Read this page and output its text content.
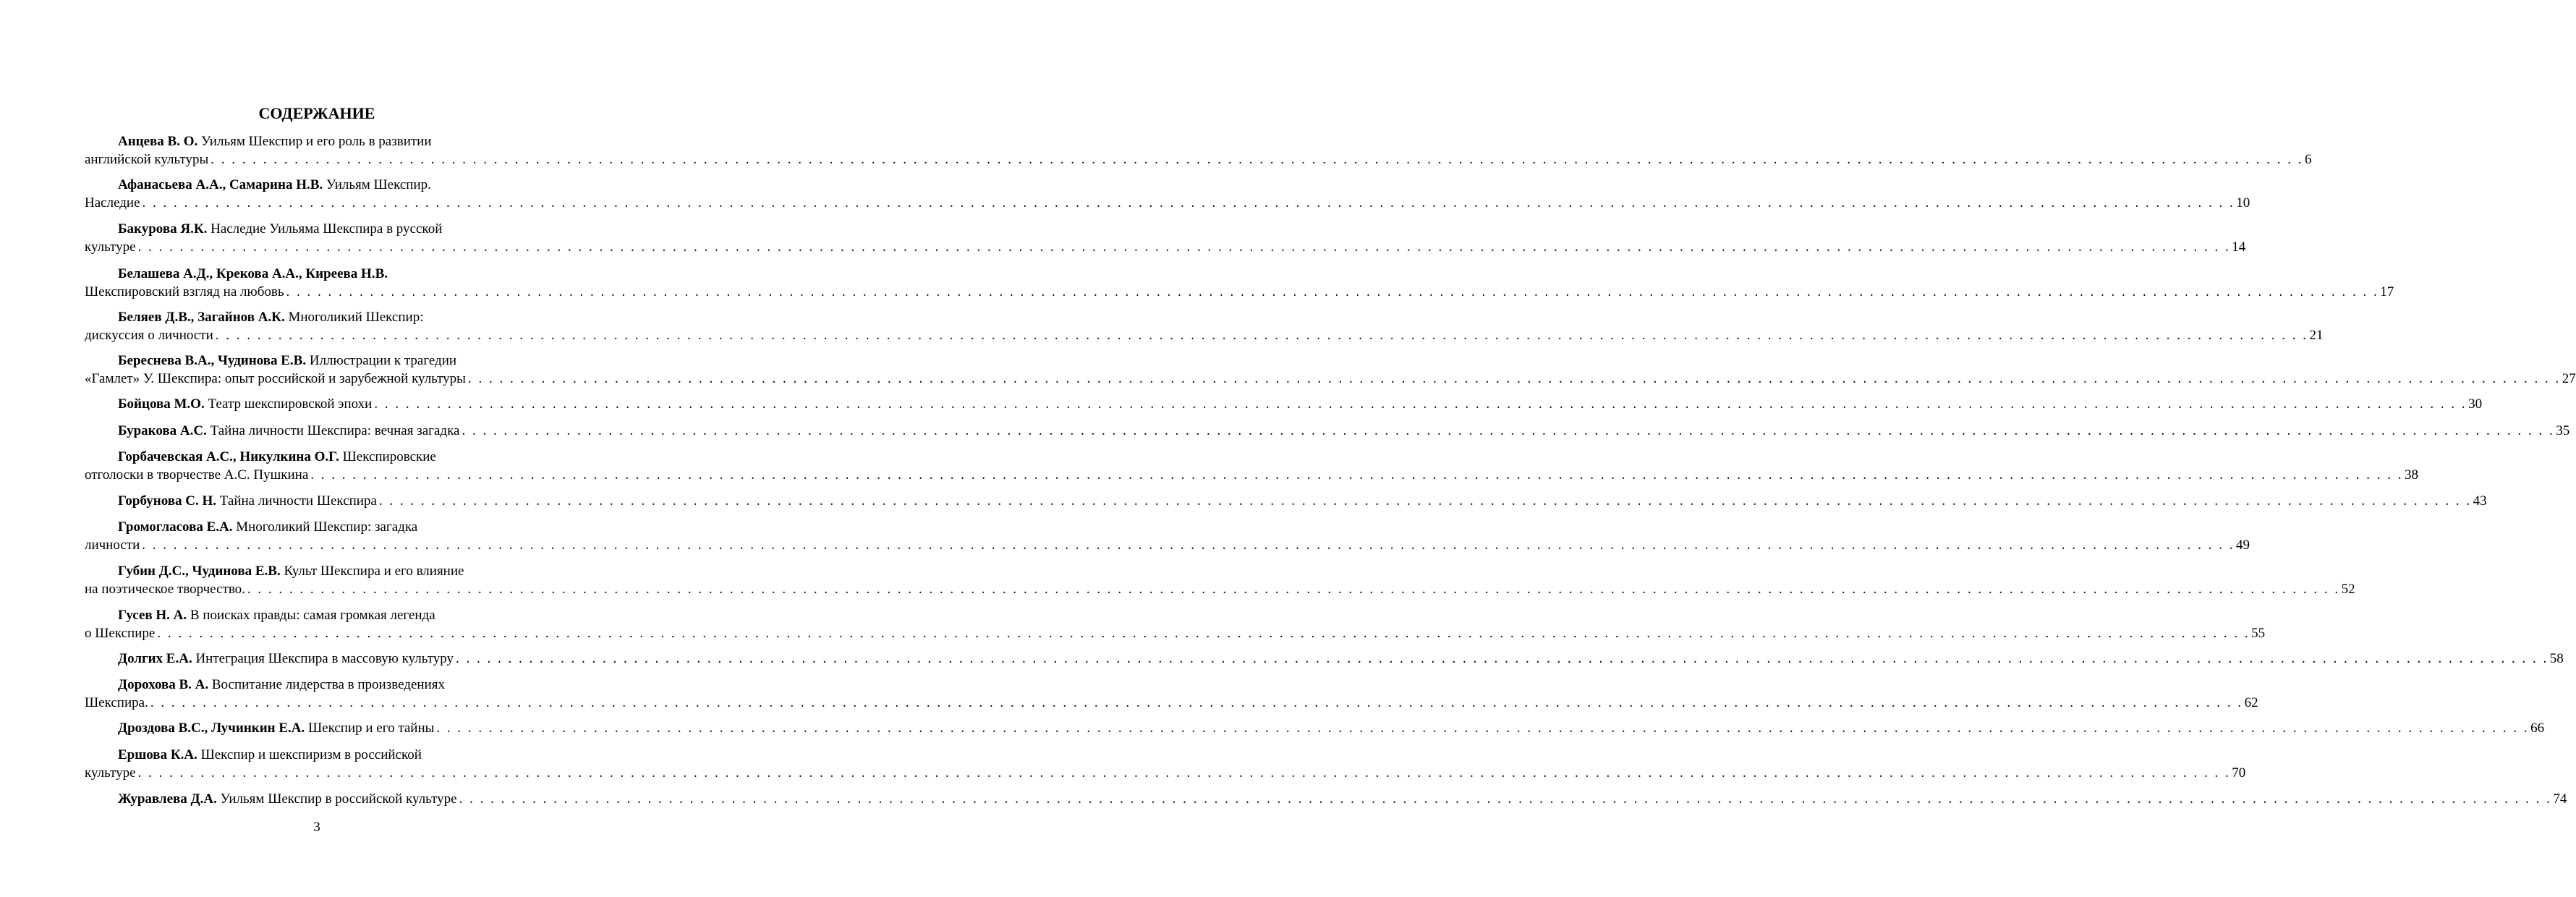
СОДЕРЖАНИЕ
Анцева В. О. Уильям Шекспир и его роль в развитии
английской культуры . . . . . . . . . . . . . . . . . . . . . . . . . . . . . . . . . . . . . . . . . . . . . . . . . . . . . . . . . . . . . . . . . . . . . . . . . . . . . . . . . . . . . . . . . . . . . . . . . . . . . . . . . . . . . . . . . . . . . . . . . . . . . . . . . . . . . . . . . . . . . . . . . . . . . . . . . . . . . . . . . . . . . . . . . . . . . . . . . . . . . . . . . . . . . . . . . . . . . . . . 6
Афанасьева А.А., Самарина Н.В. Уильям Шекспир.
Наследие . . . . . . . . . . . . . . . . . . . . . . . . . . . . . . . . . . . . . . . . . . . . . . . . . . . . . . . . . . . . . . . . . . . . . . . . . . . . . . . . . . . . . . . . . . . . . . . . . . . . . . . . . . . . . . . . . . . . . . . . . . . . . . . . . . . . . . . . . . . . . . . . . . . . . . . . . . . . . . . . . . . . . . . . . . . . . . . . . . . . . . . . . . . . . . . . . . . . . . . . 10
Бакурова Я.К. Наследие Уильяма Шекспира в русской
культуре . . . . . . . . . . . . . . . . . . . . . . . . . . . . . . . . . . . . . . . . . . . . . . . . . . . . . . . . . . . . . . . . . . . . . . . . . . . . . . . . . . . . . . . . . . . . . . . . . . . . . . . . . . . . . . . . . . . . . . . . . . . . . . . . . . . . . . . . . . . . . . . . . . . . . . . . . . . . . . . . . . . . . . . . . . . . . . . . . . . . . . . . . . . . . . . . . . . . . . . . 14
Белашева А.Д., Крекова А.А., Киреева Н.В.
Шекспировский взгляд на любовь . . . . . . . . . . . . . . . . . . . . . . . . . . . . . . . . . . . . . . . . . . . . . . . . . . . . . . . . . . . . . . . . . . . . . . . . . . . . . . . . . . . . . . . . . . . . . . . . . . . . . . . . . . . . . . . . . . . . . . . . . . . . . . . . . . . . . . . . . . . . . . . . . . . . . . . . . . . . . . . . . . . . . . . . . . . . . . . . . . . . . . . . . . . . . . . . . . . . . . . . 17
Беляев Д.В., Загайнов А.К. Многоликий Шекспир:
дискуссия о личности . . . . . . . . . . . . . . . . . . . . . . . . . . . . . . . . . . . . . . . . . . . . . . . . . . . . . . . . . . . . . . . . . . . . . . . . . . . . . . . . . . . . . . . . . . . . . . . . . . . . . . . . . . . . . . . . . . . . . . . . . . . . . . . . . . . . . . . . . . . . . . . . . . . . . . . . . . . . . . . . . . . . . . . . . . . . . . . . . . . . . . . . . . . . . . . . . . . . . . . . 21
Береснева В.А., Чудинова Е.В. Иллюстрации к трагедии
«Гамлет» У. Шекспира: опыт российской и зарубежной культуры . . . . . . . . . . . . . . . . . . . . . . . . . . . . . . . . . . . . . . . . . . . . . . . . . . . . . . . . . . . . . . . . . . . . . . . . . . . . . . . . . . . . . . . . . . . . . . . . . . . . . . . . . . . . . . . . . . . . . . . . . . . . . . . . . . . . . . . . . . . . . . . . . . . . . . . . . . . . . . . . . . . . . . . . . . . . . . . . . . . . . . . . . . . . . . . . . . . . . . . . 27
Бойцова М.О. Театр шекспировской эпохи . . . . . . . . . . . . . . . . . . . . . . . . . . . . . . . . . . . . . . . . . . . . . . . . . . . . . . . . . . . . . . . . . . . . . . . . . . . . . . . . . . . . . . . . . . . . . . . . . . . . . . . . . . . . . . . . . . . . . . . . . . . . . . . . . . . . . . . . . . . . . . . . . . . . . . . . . . . . . . . . . . . . . . . . . . . . . . . . . . . . . . . . . . . . . . . . . . . . . . . . 30
Буракова А.С. Тайна личности Шекспира: вечная загадка . . . . . . . . . . . . . . . . . . . . . . . . . . . . . . . . . . . . . . . . . . . . . . . . . . . . . . . . . . . . . . . . . . . . . . . . . . . . . . . . . . . . . . . . . . . . . . . . . . . . . . . . . . . . . . . . . . . . . . . . . . . . . . . . . . . . . . . . . . . . . . . . . . . . . . . . . . . . . . . . . . . . . . . . . . . . . . . . . . . . . . . . . . . . . . . . . . . . . . . . 35
Горбачевская А.С., Никулкина О.Г. Шекспировские
отголоски в творчестве А.С. Пушкина . . . . . . . . . . . . . . . . . . . . . . . . . . . . . . . . . . . . . . . . . . . . . . . . . . . . . . . . . . . . . . . . . . . . . . . . . . . . . . . . . . . . . . . . . . . . . . . . . . . . . . . . . . . . . . . . . . . . . . . . . . . . . . . . . . . . . . . . . . . . . . . . . . . . . . . . . . . . . . . . . . . . . . . . . . . . . . . . . . . . . . . . . . . . . . . . . . . . . . . . 38
Горбунова С. Н. Тайна личности Шекспира . . . . . . . . . . . . . . . . . . . . . . . . . . . . . . . . . . . . . . . . . . . . . . . . . . . . . . . . . . . . . . . . . . . . . . . . . . . . . . . . . . . . . . . . . . . . . . . . . . . . . . . . . . . . . . . . . . . . . . . . . . . . . . . . . . . . . . . . . . . . . . . . . . . . . . . . . . . . . . . . . . . . . . . . . . . . . . . . . . . . . . . . . . . . . . . . . . . . . . . . 43
Громогласова Е.А. Многоликий Шекспир: загадка
личности . . . . . . . . . . . . . . . . . . . . . . . . . . . . . . . . . . . . . . . . . . . . . . . . . . . . . . . . . . . . . . . . . . . . . . . . . . . . . . . . . . . . . . . . . . . . . . . . . . . . . . . . . . . . . . . . . . . . . . . . . . . . . . . . . . . . . . . . . . . . . . . . . . . . . . . . . . . . . . . . . . . . . . . . . . . . . . . . . . . . . . . . . . . . . . . . . . . . . . . . 49
Губин Д.С., Чудинова Е.В. Культ Шекспира и его влияние
на поэтическое творчество. . . . . . . . . . . . . . . . . . . . . . . . . . . . . . . . . . . . . . . . . . . . . . . . . . . . . . . . . . . . . . . . . . . . . . . . . . . . . . . . . . . . . . . . . . . . . . . . . . . . . . . . . . . . . . . . . . . . . . . . . . . . . . . . . . . . . . . . . . . . . . . . . . . . . . . . . . . . . . . . . . . . . . . . . . . . . . . . . . . . . . . . . . . . . . . . . . . . . . . . . 52
Гусев Н. А. В поисках правды: самая громкая легенда
о Шекспире . . . . . . . . . . . . . . . . . . . . . . . . . . . . . . . . . . . . . . . . . . . . . . . . . . . . . . . . . . . . . . . . . . . . . . . . . . . . . . . . . . . . . . . . . . . . . . . . . . . . . . . . . . . . . . . . . . . . . . . . . . . . . . . . . . . . . . . . . . . . . . . . . . . . . . . . . . . . . . . . . . . . . . . . . . . . . . . . . . . . . . . . . . . . . . . . . . . . . . . . 55
Долгих Е.А. Интеграция Шекспира в массовую культуру . . . . . . . . . . . . . . . . . . . . . . . . . . . . . . . . . . . . . . . . . . . . . . . . . . . . . . . . . . . . . . . . . . . . . . . . . . . . . . . . . . . . . . . . . . . . . . . . . . . . . . . . . . . . . . . . . . . . . . . . . . . . . . . . . . . . . . . . . . . . . . . . . . . . . . . . . . . . . . . . . . . . . . . . . . . . . . . . . . . . . . . . . . . . . . . . . . . . . . . . 58
Дорохова В. А. Воспитание лидерства в произведениях
Шекспира. . . . . . . . . . . . . . . . . . . . . . . . . . . . . . . . . . . . . . . . . . . . . . . . . . . . . . . . . . . . . . . . . . . . . . . . . . . . . . . . . . . . . . . . . . . . . . . . . . . . . . . . . . . . . . . . . . . . . . . . . . . . . . . . . . . . . . . . . . . . . . . . . . . . . . . . . . . . . . . . . . . . . . . . . . . . . . . . . . . . . . . . . . . . . . . . . . . . . . . . . 62
Дроздова В.С., Лучинкин Е.А. Шекспир и его тайны . . . . . . . . . . . . . . . . . . . . . . . . . . . . . . . . . . . . . . . . . . . . . . . . . . . . . . . . . . . . . . . . . . . . . . . . . . . . . . . . . . . . . . . . . . . . . . . . . . . . . . . . . . . . . . . . . . . . . . . . . . . . . . . . . . . . . . . . . . . . . . . . . . . . . . . . . . . . . . . . . . . . . . . . . . . . . . . . . . . . . . . . . . . . . . . . . . . . . . . . 66
Ершова К.А. Шекспир и шекспиризм в российской
культуре . . . . . . . . . . . . . . . . . . . . . . . . . . . . . . . . . . . . . . . . . . . . . . . . . . . . . . . . . . . . . . . . . . . . . . . . . . . . . . . . . . . . . . . . . . . . . . . . . . . . . . . . . . . . . . . . . . . . . . . . . . . . . . . . . . . . . . . . . . . . . . . . . . . . . . . . . . . . . . . . . . . . . . . . . . . . . . . . . . . . . . . . . . . . . . . . . . . . . . . . 70
Журавлева Д.А. Уильям Шекспир в российской культуре . . . . . . . . . . . . . . . . . . . . . . . . . . . . . . . . . . . . . . . . . . . . . . . . . . . . . . . . . . . . . . . . . . . . . . . . . . . . . . . . . . . . . . . . . . . . . . . . . . . . . . . . . . . . . . . . . . . . . . . . . . . . . . . . . . . . . . . . . . . . . . . . . . . . . . . . . . . . . . . . . . . . . . . . . . . . . . . . . . . . . . . . . . . . . . . . . . . . . . . . 74
3
